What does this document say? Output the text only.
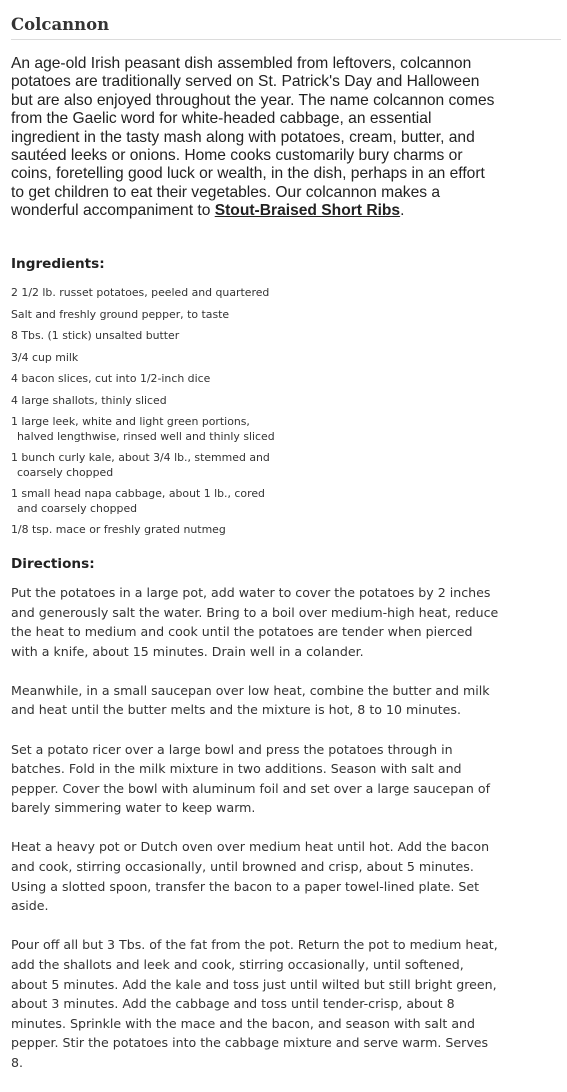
Colcannon

An age-old Irish peasant dish assembled from leftovers, colcannon potatoes are traditionally served on St. Patrick's Day and Halloween but are also enjoyed throughout the year. The name colcannon comes from the Gaelic word for white-headed cabbage, an essential ingredient in the tasty mash along with potatoes, cream, butter, and sautéed leeks or onions. Home cooks customarily bury charms or coins, foretelling good luck or wealth, in the dish, perhaps in an effort to get children to eat their vegetables. Our colcannon makes a wonderful accompaniment to Stout-Braised Short Ribs.

Ingredients:
2 1/2 lb. russet potatoes, peeled and quartered
Salt and freshly ground pepper, to taste
8 Tbs. (1 stick) unsalted butter
3/4 cup milk
4 bacon slices, cut into 1/2-inch dice
4 large shallots, thinly sliced
1 large leek, white and light green portions, halved lengthwise, rinsed well and thinly sliced
1 bunch curly kale, about 3/4 lb., stemmed and coarsely chopped
1 small head napa cabbage, about 1 lb., cored and coarsely chopped
1/8 tsp. mace or freshly grated nutmeg
Directions:

Put the potatoes in a large pot, add water to cover the potatoes by 2 inches and generously salt the water. Bring to a boil over medium-high heat, reduce the heat to medium and cook until the potatoes are tender when pierced with a knife, about 15 minutes. Drain well in a colander.

Meanwhile, in a small saucepan over low heat, combine the butter and milk and heat until the butter melts and the mixture is hot, 8 to 10 minutes.

Set a potato ricer over a large bowl and press the potatoes through in batches. Fold in the milk mixture in two additions. Season with salt and pepper. Cover the bowl with aluminum foil and set over a large saucepan of barely simmering water to keep warm.

Heat a heavy pot or Dutch oven over medium heat until hot. Add the bacon and cook, stirring occasionally, until browned and crisp, about 5 minutes. Using a slotted spoon, transfer the bacon to a paper towel-lined plate. Set aside.

Pour off all but 3 Tbs. of the fat from the pot. Return the pot to medium heat, add the shallots and leek and cook, stirring occasionally, until softened, about 5 minutes. Add the kale and toss just until wilted but still bright green, about 3 minutes. Add the cabbage and toss until tender-crisp, about 8 minutes. Sprinkle with the mace and the bacon, and season with salt and pepper. Stir the potatoes into the cabbage mixture and serve warm. Serves 8.
